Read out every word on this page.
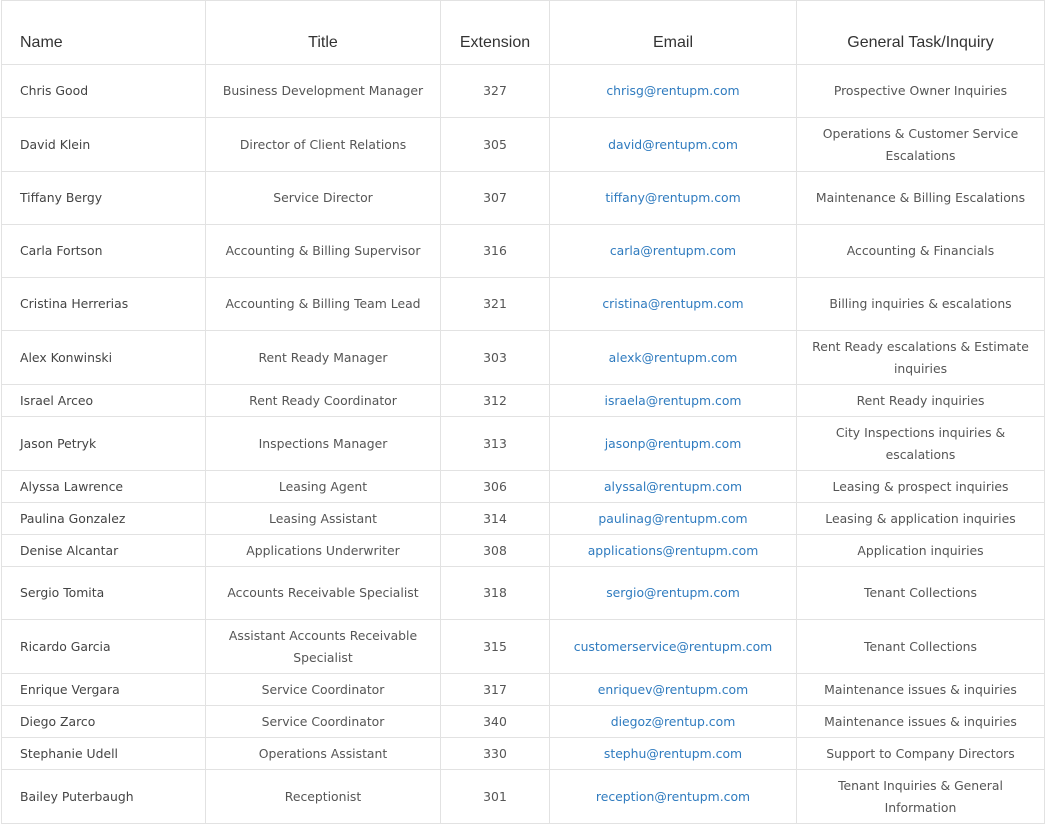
Name	Title	Extension	Email	General Task/Inquiry
Chris Good	Business Development Manager	327	chrisg@rentupm.com	Prospective Owner Inquiries
David Klein	Director of Client Relations	305	david@rentupm.com	Operations & Customer Service Escalations
Tiffany Bergy	Service Director	307	tiffany@rentupm.com	Maintenance & Billing Escalations
Carla Fortson	Accounting & Billing Supervisor	316	carla@rentupm.com	Accounting & Financials
Cristina Herrerias	Accounting & Billing Team Lead	321	cristina@rentupm.com	Billing inquiries & escalations
Alex Konwinski	Rent Ready Manager	303	alexk@rentupm.com	Rent Ready escalations & Estimate inquiries
Israel Arceo	Rent Ready Coordinator	312	israela@rentupm.com	Rent Ready inquiries
Jason Petryk	Inspections Manager	313	jasonp@rentupm.com	City Inspections inquiries & escalations
Alyssa Lawrence	Leasing Agent	306	alyssal@rentupm.com	Leasing & prospect inquiries
Paulina Gonzalez	Leasing Assistant	314	paulinag@rentupm.com	Leasing & application inquiries
Denise Alcantar	Applications Underwriter	308	applications@rentupm.com	Application inquiries
Sergio Tomita	Accounts Receivable Specialist	318	sergio@rentupm.com	Tenant Collections
Ricardo Garcia	Assistant Accounts Receivable Specialist	315	customerservice@rentupm.com	Tenant Collections
Enrique Vergara	Service Coordinator	317	enriquev@rentupm.com	Maintenance issues & inquiries
Diego Zarco	Service Coordinator	340	diegoz@rentup.com	Maintenance issues & inquiries
Stephanie Udell	Operations Assistant	330	stephu@rentupm.com	Support to Company Directors
Bailey Puterbaugh	Receptionist	301	reception@rentupm.com	Tenant Inquiries & General Information
